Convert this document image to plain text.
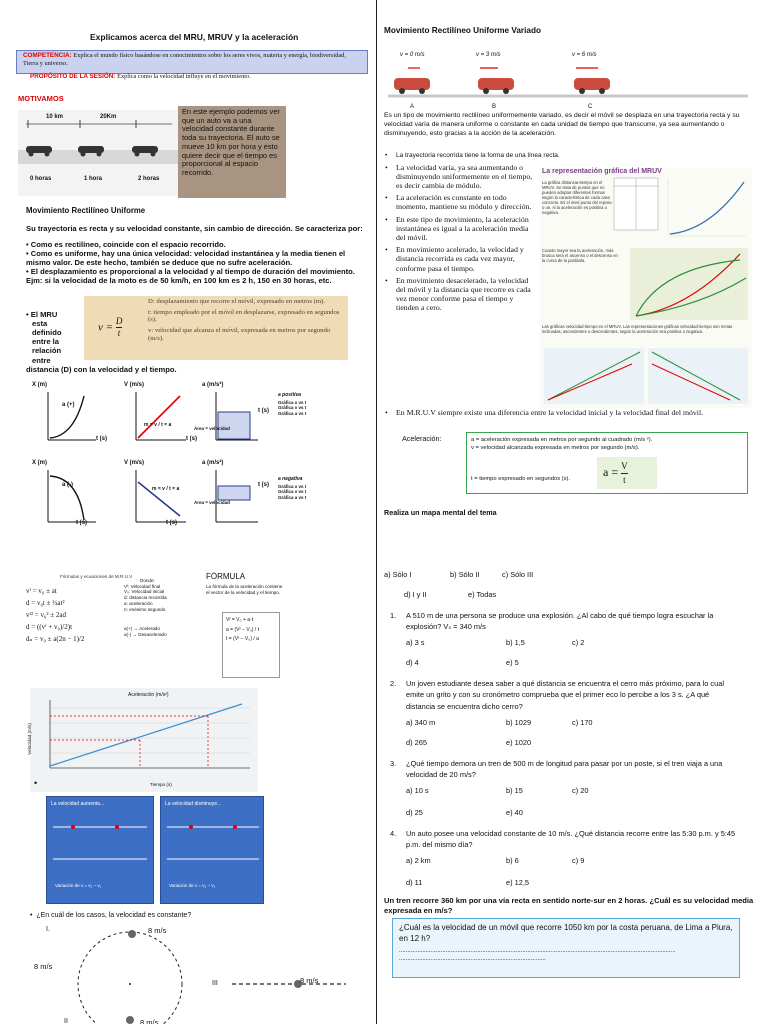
Explicamos acerca del MRU, MRUV y la aceleración
COMPETENCIA: Explica el mundo físico basándose en conocimientos sobre los seres vivos, materia y energía, biodiversidad, Tierra y universo.
PROPÓSITO DE LA SESIÓN: Explica como la velocidad influye en el movimiento.
MOTIVAMOS
10 km	20Km
0 horas	1 hora	2 horas
En este ejemplo podemos ver que un auto va a una velocidad constante durante toda su trayectoria. El auto se mueve 10 km por hora y esto quiere decir que el tiempo es proporcional al espacio recorrido.
Movimiento Rectilíneo Uniforme
Su trayectoria es recta y su velocidad constante, sin cambio de dirección. Se caracteriza por:
• Como es rectilíneo, coincide con el espacio recorrido.
• Como es uniforme, hay una única velocidad: velocidad instantánea y la media tienen el mismo valor. De este hecho, también se deduce que no sufre aceleración.
• El desplazamiento es proporcional a la velocidad y al tiempo de duración del movimiento. Ejm: si la velocidad de la moto es de 50 km/h, en 100 km es 2 h, 150 en 30 horas, etc.
• El MRU
esta
definido
entre la
relación
entre
distancia (D) con la velocidad y el tiempo.
$v = \frac{D}{t}$
D: desplazamiento que recorre el móvil, expresado en metros (m).
t: tiempo empleado por el móvil en desplazarse, expresado en segundos (s).
v: velocidad que alcanza el móvil, expresada en metros por segundo (m/s).
X (m)	V (m/s)	a (m/s²)
a (+)
m = v / t = a
Área = velocidad
t (s)	t (s)
t (s)
a positiva
Gráfica x vs t
Gráfica v vs t
Gráfica a vs t
X (m)	V (m/s)	a (m/s²)
a (-)
m = v / t = a
Área = velocidad
t (s)	t (s)
t (s)
a negativa
Gráfica x vs t
Gráfica v vs t
Gráfica a vs t
Movimiento Rectilíneo Uniforme Variado
v = 0 m/s	v = 3 m/s	v = 6 m/s
A	B	C
Es un tipo de movimiento rectilíneo uniformemente variado, es decir el móvil se desplaza en una trayectoria recta y su velocidad varía de manera uniforme o constante en cada unidad de tiempo que transcurre, ya sea aumentando o disminuyendo, esto gracias a la acción de la aceleración.
• La trayectoria recorrida tiene la forma de una línea recta.
• La velocidad varía, ya sea aumentando o disminuyendo uniformemente en el tiempo, es decir cambia de módulo.
• La aceleración es constante en todo momento, mantiene su módulo y dirección.
• En este tipo de movimiento, la aceleración instantánea es igual a la aceleración media del móvil.
• En movimiento acelerado, la velocidad y distancia recorrida es cada vez mayor, conforme pasa el tiempo.
• En movimiento desacelerado, la velocidad del móvil y la distancia que recorre es cada vez menor conforme pasa el tiempo y tienden a cero.
La representación gráfica del MRUV
La gráfica distancia-tiempo en el MRUV. Se trata de puntos que no pueden adoptar diferentes formas según la característica de cada caso concreto. Es el nivel punto del reposo o un, si la aceleración es positiva o negativa.
Cuanto mayor sea la aceleración, más brusca será el ascenso o el descenso en la curva de la parábola.
Las gráficas velocidad-tiempo en el MRUV. Las representaciones gráficas velocidad-tiempo son rectas inclinadas, ascendentes o descendentes, según la aceleración sea positiva o negativa.
• En M.R.U.V siempre existe una diferencia entre la velocidad inicial y la velocidad final del móvil.
Aceleración:	a = aceleración expresada en metros por segundo al cuadrado (m/s ²).
v = velocidad alcanzada expresada en metros por segundo (m/s).
t = tiempo expresado en segundos (s).
$a = \frac{V}{t}$
Realiza un mapa mental del tema
Fórmulas y ecuaciones de M.R.U.V
vᶠ = v₀ ± at
d = v₀t ± ½at²
vᶠ² = v₀² ± 2ad
d = ((vᶠ + v₀)/2)t
dₙ = v₀ ± a(2n − 1)/2
Donde:
Vᶠ: Velocidad final
V₀: Velocidad inicial
d: distancia recorrida
a: aceleración
n: enésimo segundo
a(+) → Acelerado
a(-) → Desacelerado
FÓRMULA
La fórmula de la aceleración contiene el vector de la velocidad y el tiempo.
Vᶠ = V₀ + a·t
a = (Vᶠ − V₀) / t
t = (Vᶠ − V₀) / a
Aceleración (m/s²)
Velocidad (m/s)
Tiempo (s)
•
La velocidad aumenta...
Variación de v = v₂ − v₁
La velocidad disminuye...
Variación de v = v₂ − v₁
•  ¿En cuál de los casos, la velocidad es constante?
I.	8 m/s
8 m/s
8 m/s
8 m/s
III
II
a) Sólo I	b) Sólo II	c) Sólo III
d) I y II	e) Todas
1.	A 510 m de una persona se produce una explosión. ¿Al cabo de qué tiempo logra escuchar la explosión? Vₛ = 340 m/s
a) 3 s	b) 1,5	c) 2
d) 4	e) 5
2.	Un joven estudiante desea saber a qué distancia se encuentra el cerro más próximo, para lo cual emite un grito y con su cronómetro comprueba que el primer eco lo percibe a los 3 s. ¿A qué distancia se encuentra dicho cerro?
a) 340 m	b) 1029	c) 170
d) 265	e) 1020
3.	¿Qué tiempo demora un tren de 500 m de longitud para pasar por un poste, si el tren viaja a una velocidad de 20 m/s?
a) 10 s	b) 15	c) 20
d) 25	e) 40
4.	Un auto posee una velocidad constante de 10 m/s. ¿Qué distancia recorre entre las 5:30 p.m. y 5:45 p.m. del mismo día?
a) 2 km	b) 6	c) 9
d) 11	e) 12,5
Un tren recorre 360 km por una vía recta en sentido norte-sur en 2 horas. ¿Cuál es su velocidad media expresada en m/s?
¿Cuál es la velocidad de un móvil que recorre 1050 km por la costa peruana, de Lima a Piura, en 12 h?
......................................................................................................................................................................
........................................................................................
